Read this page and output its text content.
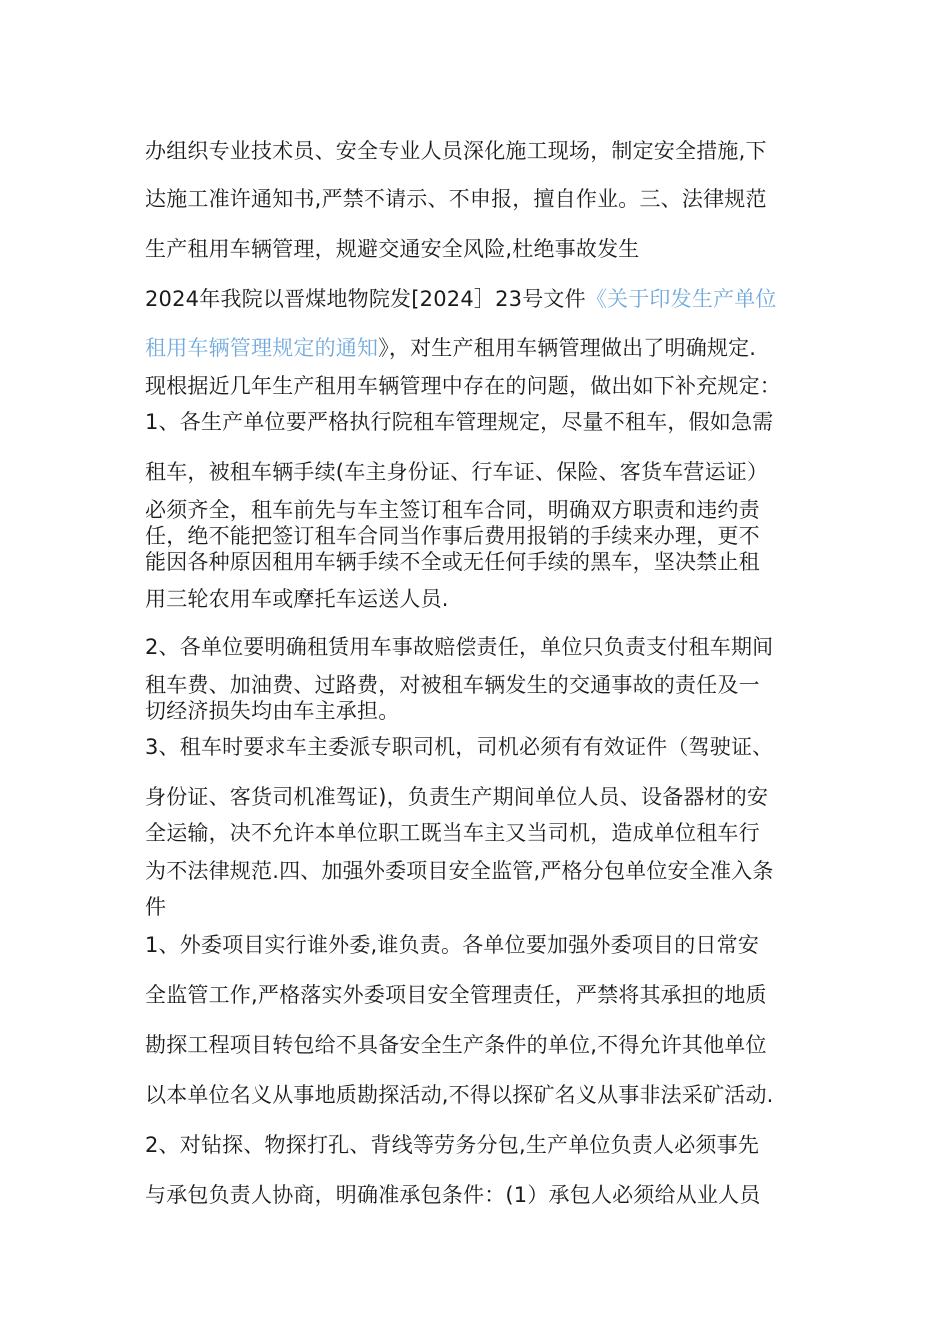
办组织专业技术员、安全专业人员深化施工现场，制定安全措施,下
达施工准许通知书,严禁不请示、不申报，擅自作业。三、法律规范
生产租用车辆管理，规避交通安全风险,杜绝事故发生
2024年我院以晋煤地物院发[2024］23号文件《关于印发生产单位
租用车辆管理规定的通知》，对生产租用车辆管理做出了明确规定.
现根据近几年生产租用车辆管理中存在的问题，做出如下补充规定：
1、各生产单位要严格执行院租车管理规定，尽量不租车，假如急需
租车，被租车辆手续(车主身份证、行车证、保险、客货车营运证）
必须齐全，租车前先与车主签订租车合同，明确双方职责和违约责
任，绝不能把签订租车合同当作事后费用报销的手续来办理，更不
能因各种原因租用车辆手续不全或无任何手续的黑车，坚决禁止租
用三轮农用车或摩托车运送人员.
2、各单位要明确租赁用车事故赔偿责任，单位只负责支付租车期间
租车费、加油费、过路费，对被租车辆发生的交通事故的责任及一
切经济损失均由车主承担。
3、租车时要求车主委派专职司机，司机必须有有效证件（驾驶证、
身份证、客货司机准驾证)，负责生产期间单位人员、设备器材的安
全运输，决不允许本单位职工既当车主又当司机，造成单位租车行
为不法律规范.四、加强外委项目安全监管,严格分包单位安全准入条
件
1、外委项目实行谁外委,谁负责。各单位要加强外委项目的日常安
全监管工作,严格落实外委项目安全管理责任，严禁将其承担的地质
勘探工程项目转包给不具备安全生产条件的单位,不得允许其他单位
以本单位名义从事地质勘探活动,不得以探矿名义从事非法采矿活动.
2、对钻探、物探打孔、背线等劳务分包,生产单位负责人必须事先
与承包负责人协商，明确准承包条件：(1）承包人必须给从业人员
